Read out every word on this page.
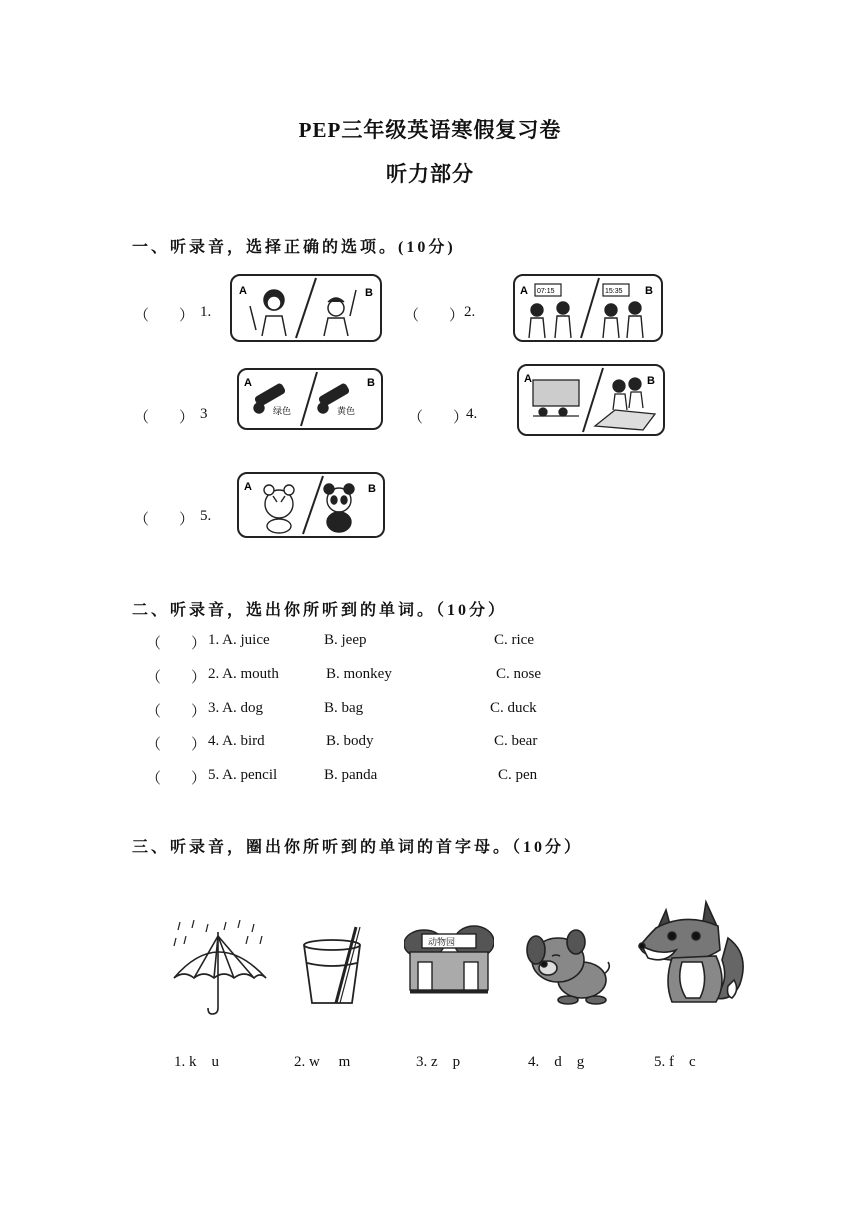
PEP三年级英语寒假复习卷
听力部分
一、听录音，选择正确的选项。(10分)
（　　） 1.
A	B
（　　） 2.
A	B
07:15	15:35
（　　） 3
A	B
绿色	黄色	（　　）
4.
A	B
（　　） 5.
A	B
二、听录音，选出你所听到的单词。（10分）
（　　） 1. A. juice	B. jeep	C. rice
（　　） 2. A. mouth	B. monkey	C. nose
（　　） 3. A. dog	B. bag	C. duck
（　　） 4. A. bird	B. body	C. bear
（　　） 5. A. pencil	B. panda	C. pen
三、听录音，圈出你所听到的单词的首字母。（10分）
动物园
1. k　u	2. w　 m	3. z　p	4.　d　g	5. f　c
